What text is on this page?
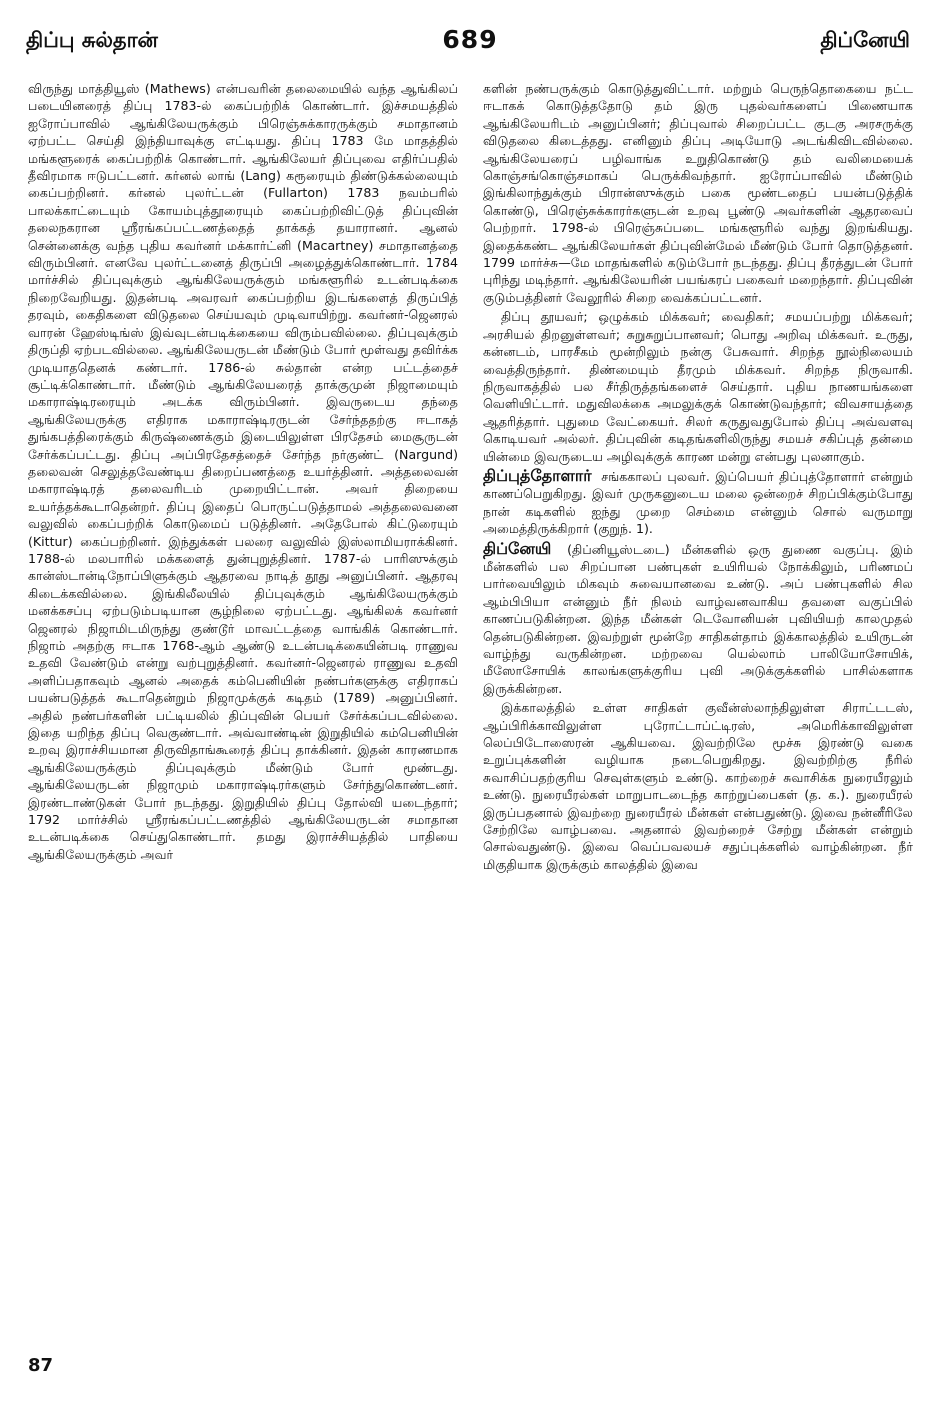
திப்பு சுல்தான்	689	திப்னேயி

விருந்து மாத்தியூஸ் (Mathews) என்பவரின் தலைமையில் வந்த ஆங்கிலப் படையினரைத் திப்பு 1783-ல் கைப்பற்றிக் கொண்டார். இச்சமயத்தில் ஐரோப்பாவில் ஆங்கிலேயருக்கும் பிரெஞ்சுக்காரருக்கும் சமாதானம் ஏற்பட்ட செய்தி இந்தியாவுக்கு எட்டியது. திப்பு 1783 மே மாதத்தில் மங்களூரைக் கைப்பற்றிக் கொண்டார். ஆங்கிலேயர் திப்புவை எதிர்ப்பதில் தீவிரமாக ஈடுபட்டனர். கர்னல் லாங் (Lang) கரூரையும் திண்டுக்கல்லையும் கைப்பற்றினர். கர்னல் புலர்ட்டன் (Fullarton) 1783 நவம்பரில் பாலக்காட்டையும் கோயம்புத்தூரையும் கைப்பற்றிவிட்டுத் திப்புவின் தலைநகரான ஸ்ரீரங்கப்பட்டணத்தைத் தாக்கத் தயாரானர். ஆனல் சென்னைக்கு வந்த புதிய கவர்னர் மக்கார்ட்னி (Macartney) சமாதானத்தை விரும்பினர். எனவே புலர்ட்டனைத் திருப்பி அழைத்துக்கொண்டார். 1784 மார்ச்சில் திப்புவுக்கும் ஆங்கிலேயருக்கும் மங்களூரில் உடன்படிக்கை நிறைவேறியது. இதன்படி அவரவர் கைப்பற்றிய இடங்களைத் திருப்பித் தரவும், கைதிகளை விடுதலை செய்யவும் முடிவாயிற்று. கவர்னர்-ஜெனரல் வாரன் ஹேஸ்டிங்ஸ் இவ்வுடன்படிக்கையை விரும்பவில்லை. திப்புவுக்கும் திருப்தி ஏற்படவில்லை. ஆங்கிலேயருடன் மீண்டும் போர் மூள்வது தவிர்க்க முடியாததெனக் கண்டார். 1786-ல் சுல்தான் என்ற பட்டத்தைச் சூட்டிக்கொண்டார். மீண்டும் ஆங்கிலேயரைத் தாக்குமுன் நிஜாமையும் மகாராஷ்டிரரையும் அடக்க விரும்பினர். இவருடைய தந்தை ஆங்கிலேயருக்கு எதிராக மகாராஷ்டிரருடன் சேர்ந்ததற்கு ஈடாகத் துங்கபத்திரைக்கும் கிருஷ்ணைக்கும் இடையிலுள்ள பிரதேசம் மைசூருடன் சேர்க்கப்பட்டது. திப்பு அப்பிரதேசத்தைச் சேர்ந்த நர்குண்ட் (Nargund) தலைவன் செலுத்தவேண்டிய திறைப்பணத்தை உயர்த்தினர். அத்தலைவன் மகாராஷ்டிரத் தலைவரிடம் முறையிட்டான். அவர் திறையை உயர்த்தக்கூடாதென்றர். திப்பு இதைப் பொருட்படுத்தாமல் அத்தலைவனை வலுவில் கைப்பற்றிக் கொடுமைப் படுத்தினர். அதேபோல் கிட்டுரையும் (Kittur) கைப்பற்றினர். இந்துக்கள் பலரை வலுவில் இஸ்லாமியராக்கினர். 1788-ல் மலபாரில் மக்களைத் துன்புறுத்தினர். 1787-ல் பாரிஸுக்கும் கான்ஸ்டான்டிநோப்பிளுக்கும் ஆதரவை நாடித் தூது அனுப்பினர். ஆதரவு கிடைக்கவில்லை. இங்கிலீலயில் திப்புவுக்கும் ஆங்கிலேயருக்கும் மனக்கசப்பு ஏற்படும்படியான சூழ்நிலை ஏற்பட்டது. ஆங்கிலக் கவர்னர் ஜெனரல் நிஜாமிடமிருந்து குண்டூர் மாவட்டத்தை வாங்கிக் கொண்டார். நிஜாம் அதற்கு ஈடாக 1768-ஆம் ஆண்டு உடன்படிக்கையின்படி ராணுவ உதவி வேண்டும் என்று வற்புறுத்தினர். கவர்னர்-ஜெனரல் ராணுவ உதவி அளிப்பதாகவும் ஆனல் அதைக் கம்பெனியின் நண்பர்களுக்கு எதிராகப் பயன்படுத்தக் கூடாதென்றும் நிஜாமுக்குக் கடிதம் (1789) அனுப்பினர். அதில் நண்பர்களின் பட்டியலில் திப்புவின் பெயர் சேர்க்கப்படவில்லை. இதை யறிந்த திப்பு வெகுண்டார். அவ்வாண்டின் இறுதியில் கம்பெனியின் உறவு இராச்சியமான திருவிதாங்கூரைத் திப்பு தாக்கினர். இதன் காரணமாக ஆங்கிலேயருக்கும் திப்புவுக்கும் மீண்டும் போர் மூண்டது. ஆங்கிலேயருடன் நிஜாமும் மகாராஷ்டிரர்களும் சேர்ந்துகொண்டனர். இரண்டாண்டுகள் போர் நடந்தது. இறுதியில் திப்பு தோல்வி யடைந்தார்; 1792 மார்ச்சில் ஸ்ரீரங்கப்பட்டணத்தில் ஆங்கிலேயருடன் சமாதான உடன்படிக்கை செய்துகொண்டார். தமது இராச்சியத்தில் பாதியை ஆங்கிலேயருக்கும் அவர்

களின் நண்பருக்கும் கொடுத்துவிட்டார். மற்றும் பெருந்தொகையை நட்ட ஈடாகக் கொடுத்ததோடு தம் இரு புதல்வர்களைப் பிணையாக ஆங்கிலேயரிடம் அனுப்பினர்; திப்புவால் சிறைப்பட்ட குடகு அரசருக்கு விடுதலை கிடைத்தது. எனினும் திப்பு அடியோடு அடங்கிவிடவில்லை. ஆங்கிலேயரைப் பழிவாங்க உறுதிகொண்டு தம் வலிமையைக் கொஞ்சங்கொஞ்சமாகப் பெருக்கிவந்தார். ஐரோப்பாவில் மீண்டும் இங்கிலாந்துக்கும் பிரான்ஸுக்கும் பகை மூண்டதைப் பயன்படுத்திக் கொண்டு, பிரெஞ்சுக்காரர்களுடன் உறவு பூண்டு அவர்களின் ஆதரவைப் பெற்றார். 1798-ல் பிரெஞ்சுப்படை மங்களூரில் வந்து இறங்கியது. இதைக்கண்ட ஆங்கிலேயர்கள் திப்புவின்மேல் மீண்டும் போர் தொடுத்தனர். 1799 மார்ச்சு—மே மாதங்களில் கடும்போர் நடந்தது. திப்பு தீரத்துடன் போர் புரிந்து மடிந்தார். ஆங்கிலேயரின் பயங்கரப் பகைவர் மறைந்தார். திப்புவின் குடும்பத்தினர் வேலூரில் சிறை வைக்கப்பட்டனர்.

திப்பு தூயவர்; ஒழுக்கம் மிக்கவர்; வைதிகர்; சமயப்பற்று மிக்கவர்; அரசியல் திறனுள்ளவர்; சுறுசுறுப்பானவர்; பொது அறிவு மிக்கவர். உருது, கன்னடம், பாரசீகம் மூன்றிலும் நன்கு பேசுவார். சிறந்த நூல்நிலையம் வைத்திருந்தார். திண்மையும் தீரமும் மிக்கவர். சிறந்த நிருவாகி. நிருவாகத்தில் பல சீர்திருத்தங்களைச் செய்தார். புதிய நாணயங்களை வெளியிட்டார். மதுவிலக்கை அமலுக்குக் கொண்டுவந்தார்; விவசாயத்தை ஆதரித்தார். புதுமை வேட்கையர். சிலர் கருதுவதுபோல் திப்பு அவ்வளவு கொடியவர் அல்லர். திப்புவின் கடிதங்களிலிருந்து சமயச் சகிப்புத் தன்மை யின்மை இவருடைய அழிவுக்குக் காரண மன்று என்பது புலனாகும்.

திப்புத்தோளார் சங்ககாலப் புலவர். இப்பெயர் திப்புத்தோளார் என்றும் காணப்பெறுகிறது. இவர் முருகனுடைய மலை ஒன்றைச் சிறப்பிக்கும்போது நான் கடிகளில் ஐந்து முறை செம்மை என்னும் சொல் வருமாறு அமைத்திருக்கிறார் (குறுந். 1).

திப்னேயி (திப்னியூஸ்டடை) மீன்களில் ஒரு துணை வகுப்பு. இம் மீன்களில் பல சிறப்பான பண்புகள் உயிரியல் நோக்கிலும், பரிணமப் பார்வையிலும் மிகவும் சுவையானவை உண்டு. அப் பண்புகளில் சில ஆம்பிபியா என்னும் நீர் நிலம் வாழ்வனவாகிய தவளை வகுப்பில் காணப்படுகின்றன. இந்த மீன்கள் டெவோனியன் புவியியற் காலமுதல் தென்படுகின்றன. இவற்றுள் மூன்றே சாதிகள்தாம் இக்காலத்தில் உயிருடன் வாழ்ந்து வருகின்றன. மற்றவை யெல்லாம் பாலியோசோயிக், மீஸோசோயிக் காலங்களுக்குரிய புவி அடுக்குக்களில் பாசில்களாக இருக்கின்றன.

இக்காலத்தில் உள்ள சாதிகள் குவீன்ஸ்லாந்திலுள்ள சிராட்டடஸ், ஆப்பிரிக்காவிலுள்ள புரோட்டாப்ட்டிரஸ், அமெரிக்காவிலுள்ள லெப்பிடோஸைரன் ஆகியவை. இவற்றிலே மூச்சு இரண்டு வகை உறுப்புக்களின் வழியாக நடைபெறுகிறது. இவற்றிற்கு நீரில் சுவாசிப்பதற்குரிய செவுள்களும் உண்டு. காற்றைச் சுவாசிக்க நுரையீரலும் உண்டு. நுரையீரல்கள் மாறுபாடடைந்த காற்றுப்பைகள் (த. க.). நுரையீரல் இருப்பதனால் இவற்றை நுரையீரல் மீன்கள் என்பதுண்டு. இவை நன்னீரிலே சேற்றிலே வாழ்பவை. அதனால் இவற்றைச் சேற்று மீன்கள் என்றும் சொல்வதுண்டு. இவை வெப்பவலயச் சதுப்புக்களில் வாழ்கின்றன. நீர் மிகுதியாக இருக்கும் காலத்தில் இவை

87
